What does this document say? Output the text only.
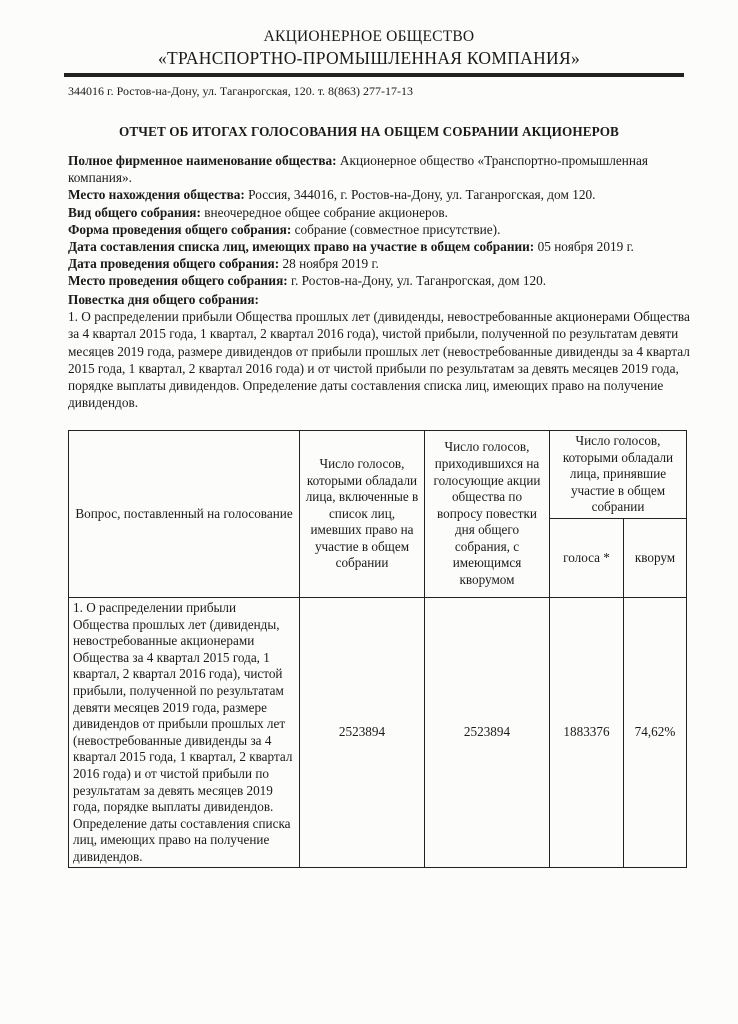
АКЦИОНЕРНОЕ ОБЩЕСТВО
«ТРАНСПОРТНО-ПРОМЫШЛЕННАЯ КОМПАНИЯ»
344016 г. Ростов-на-Дону, ул. Таганрогская, 120. т. 8(863) 277-17-13
ОТЧЕТ ОБ ИТОГАХ ГОЛОСОВАНИЯ НА ОБЩЕМ СОБРАНИИ АКЦИОНЕРОВ

Полное фирменное наименование общества: Акционерное общество «Транспортно-промышленная компания».

Место нахождения общества: Россия, 344016, г. Ростов-на-Дону, ул. Таганрогская, дом 120.

Вид общего собрания: внеочередное общее собрание акционеров.

Форма проведения общего собрания: собрание (совместное присутствие).

Дата составления списка лиц, имеющих право на участие в общем собрании: 05 ноября 2019 г.

Дата проведения общего собрания: 28 ноября 2019 г.

Место проведения общего собрания: г. Ростов-на-Дону, ул. Таганрогская, дом 120.

Повестка дня общего собрания:

1. О распределении прибыли Общества прошлых лет (дивиденды, невостребованные акционерами Общества за 4 квартал 2015 года, 1 квартал, 2 квартал 2016 года), чистой прибыли, полученной по результатам девяти месяцев 2019 года, размере дивидендов от прибыли прошлых лет (невостребованные дивиденды за 4 квартал 2015 года, 1 квартал, 2 квартал 2016 года) и от чистой прибыли по результатам за девять месяцев 2019 года, порядке выплаты дивидендов. Определение даты составления списка лиц, имеющих право на получение дивидендов.

Вопрос, поставленный на голосование	Число голосов, которыми обладали лица, включенные в список лиц, имевших право на участие в общем собрании	Число голосов, приходившихся на голосующие акции общества по вопросу повестки дня общего собрания, с имеющимся кворумом	Число голосов, которыми обладали лица, принявшие участие в общем собрании	
			голоса *	кворум
1. О распределении прибыли Общества прошлых лет (дивиденды, невостребованные акционерами Общества за 4 квартал 2015 года, 1 квартал, 2 квартал 2016 года), чистой прибыли, полученной по результатам девяти месяцев 2019 года, размере дивидендов от прибыли прошлых лет (невостребованные дивиденды за 4 квартал 2015 года, 1 квартал, 2 квартал 2016 года) и от чистой прибыли по результатам за девять месяцев 2019 года, порядке выплаты дивидендов. Определение даты составления списка лиц, имеющих право на получение дивидендов.	2523894	2523894	1883376	74,62%
